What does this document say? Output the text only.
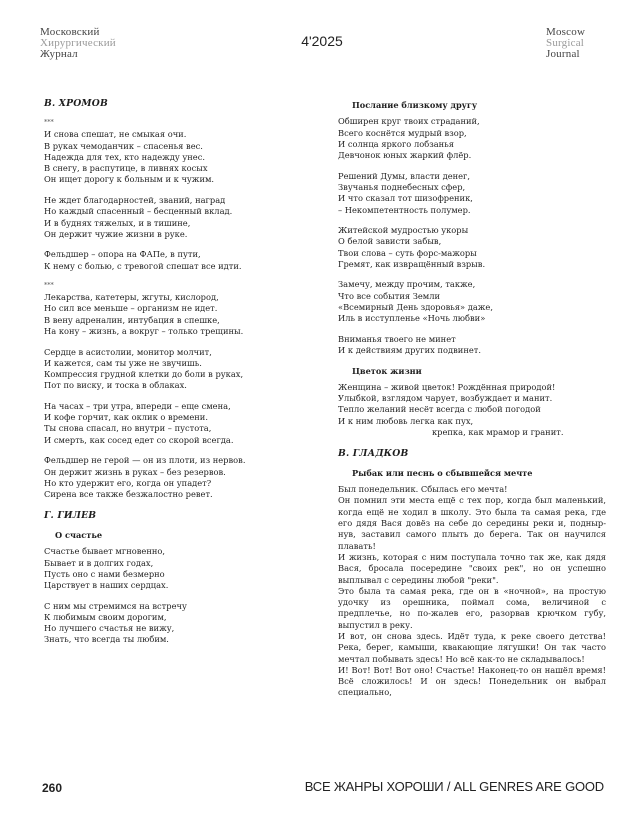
Московский
Хирургический
Журнал
4'2025
Moscow
Surgical
Journal
В. ХРОМОВ
***
И снова спешат, не смыкая очи.
В руках чемоданчик – спасенья вес.
Надежда для тех, кто надежду унес.
В снегу, в распутице, в ливнях косых
Он ищет дорогу к больным и к чужим.
Не ждет благодарностей, званий, наград
Но каждый спасенный – бесценный вклад.
И в буднях тяжелых, и в тишине,
Он держит чужие жизни в руке.
Фельдшер – опора на ФАПе, в пути,
К нему с болью, с тревогой спешат все идти.
***
Лекарства, катетеры, жгуты, кислород,
Но сил все меньше – организм не идет.
В вену адреналин, интубация в спешке,
На кону – жизнь, а вокруг – только трещины.
Сердце в асистолии, монитор молчит,
И кажется, сам ты уже не звучишь.
Компрессия грудной клетки до боли в руках,
Пот по виску, и тоска в облаках.
На часах – три утра, впереди – еще смена,
И кофе горчит, как оклик о времени.
Ты снова спасал, но внутри – пустота,
И смерть, как сосед едет со скорой всегда.
Фельдшер не герой — он из плоти, из нервов.
Он держит жизнь в руках – без резервов.
Но кто удержит его, когда он упадет?
Сирена все также безжалостно ревет.
Г. ГИЛЕВ
О счастье
Счастье бывает мгновенно,
Бывает и в долгих годах,
Пусть оно с нами безмерно
Царствует в наших сердцах.
С ним мы стремимся на встречу
К любимым своим дорогим,
Но лучшего счастья не вижу,
Знать, что всегда ты любим.
Послание близкому другу
Обширен круг твоих страданий,
Всего коснётся мудрый взор,
И солнца яркого лобзанья
Девчонок юных жаркий флёр.
Решений Думы, власти денег,
Звучанья поднебесных сфер,
И что сказал тот шизофреник,
– Некомпетентность полумер.
Житейской мудростью укоры
О белой зависти забыв,
Твои слова – суть форс-мажоры
Гремят, как извращённый взрыв.
Замечу, между прочим, также,
Что все события Земли
«Всемирный День здоровья» даже,
Иль в исступленье «Ночь любви»
Вниманья твоего не минет
И к действиям других подвинет.
Цветок жизни
Женщина – живой цветок! Рождённая природой!
Улыбкой, взглядом чарует, возбуждает и манит.
Тепло желаний несёт всегда с любой погодой
И к ним любовь легка как пух,
крепка, как мрамор и гранит.
В. ГЛАДКОВ
Рыбак или песнь о сбывшейся мечте
Был понедельник. Сбылась его мечта!
Он помнил эти места ещё с тех пор, когда был маленький, когда ещё не ходил в школу. Это была та самая река, где его дядя Вася довёз на себе до середины реки и, подныр-нув, заставил самого плыть до берега. Так он научился плавать!
И жизнь, которая с ним поступала точно так же, как дядя Вася, бросала посередине "своих рек", но он успешно выплывал с середины любой "реки".
Это была та самая река, где он в «ночной», на простую удочку из орешника, поймал сома, величиной с предплечье, но по-жалев его, разорвав крючком губу, выпустил в реку.
И вот, он снова здесь. Идёт туда, к реке своего детства! Река, берег, камыши, квакающие лягушки! Он так часто мечтал побывать здесь! Но всё как-то не складывалось!
И! Вот! Вот! Вот оно! Счастье! Наконец-то он нашёл время! Всё сложилось! И он здесь! Понедельник он выбрал специально,
260	ВСЕ ЖАНРЫ ХОРОШИ / ALL GENRES ARE GOOD
